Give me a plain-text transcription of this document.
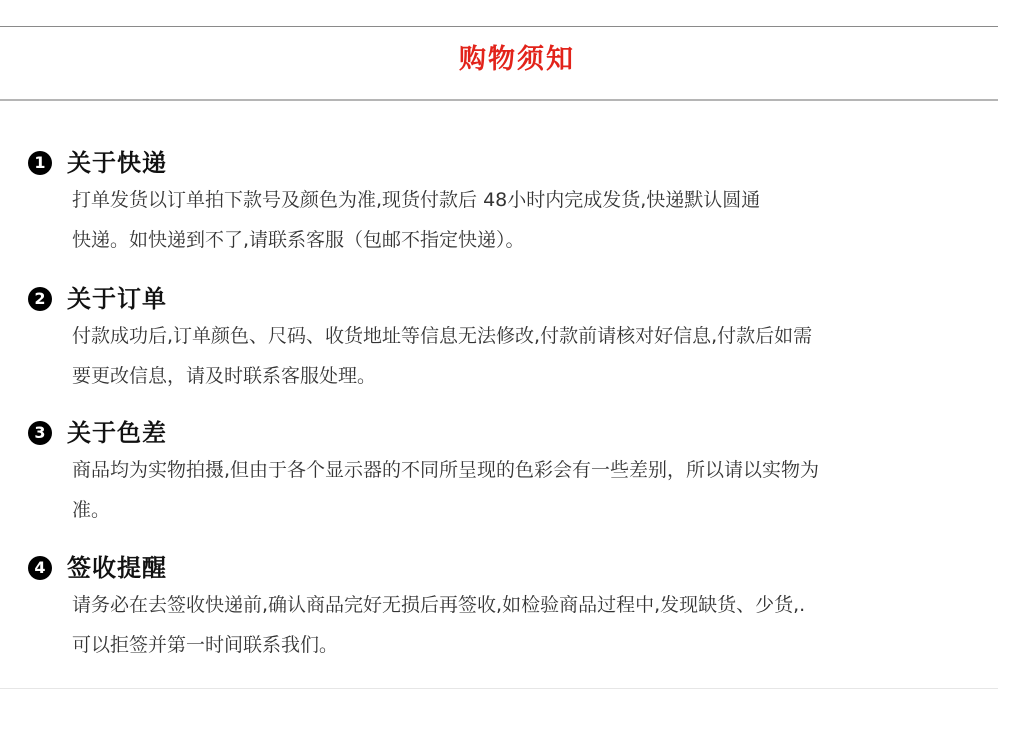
购物须知
1 关于快递
打单发货以订单拍下款号及颜色为准,现货付款后 48小时内完成发货,快递默认圆通
快递。如快递到不了,请联系客服（包邮不指定快递）。
2 关于订单
付款成功后,订单颜色、尺码、收货地址等信息无法修改,付款前请核对好信息,付款后如需
要更改信息，请及时联系客服处理。
3 关于色差
商品均为实物拍摄,但由于各个显示器的不同所呈现的色彩会有一些差别，所以请以实物为
准。
4 签收提醒
请务必在去签收快递前,确认商品完好无损后再签收,如检验商品过程中,发现缺货、少货,.
可以拒签并第一时间联系我们。
